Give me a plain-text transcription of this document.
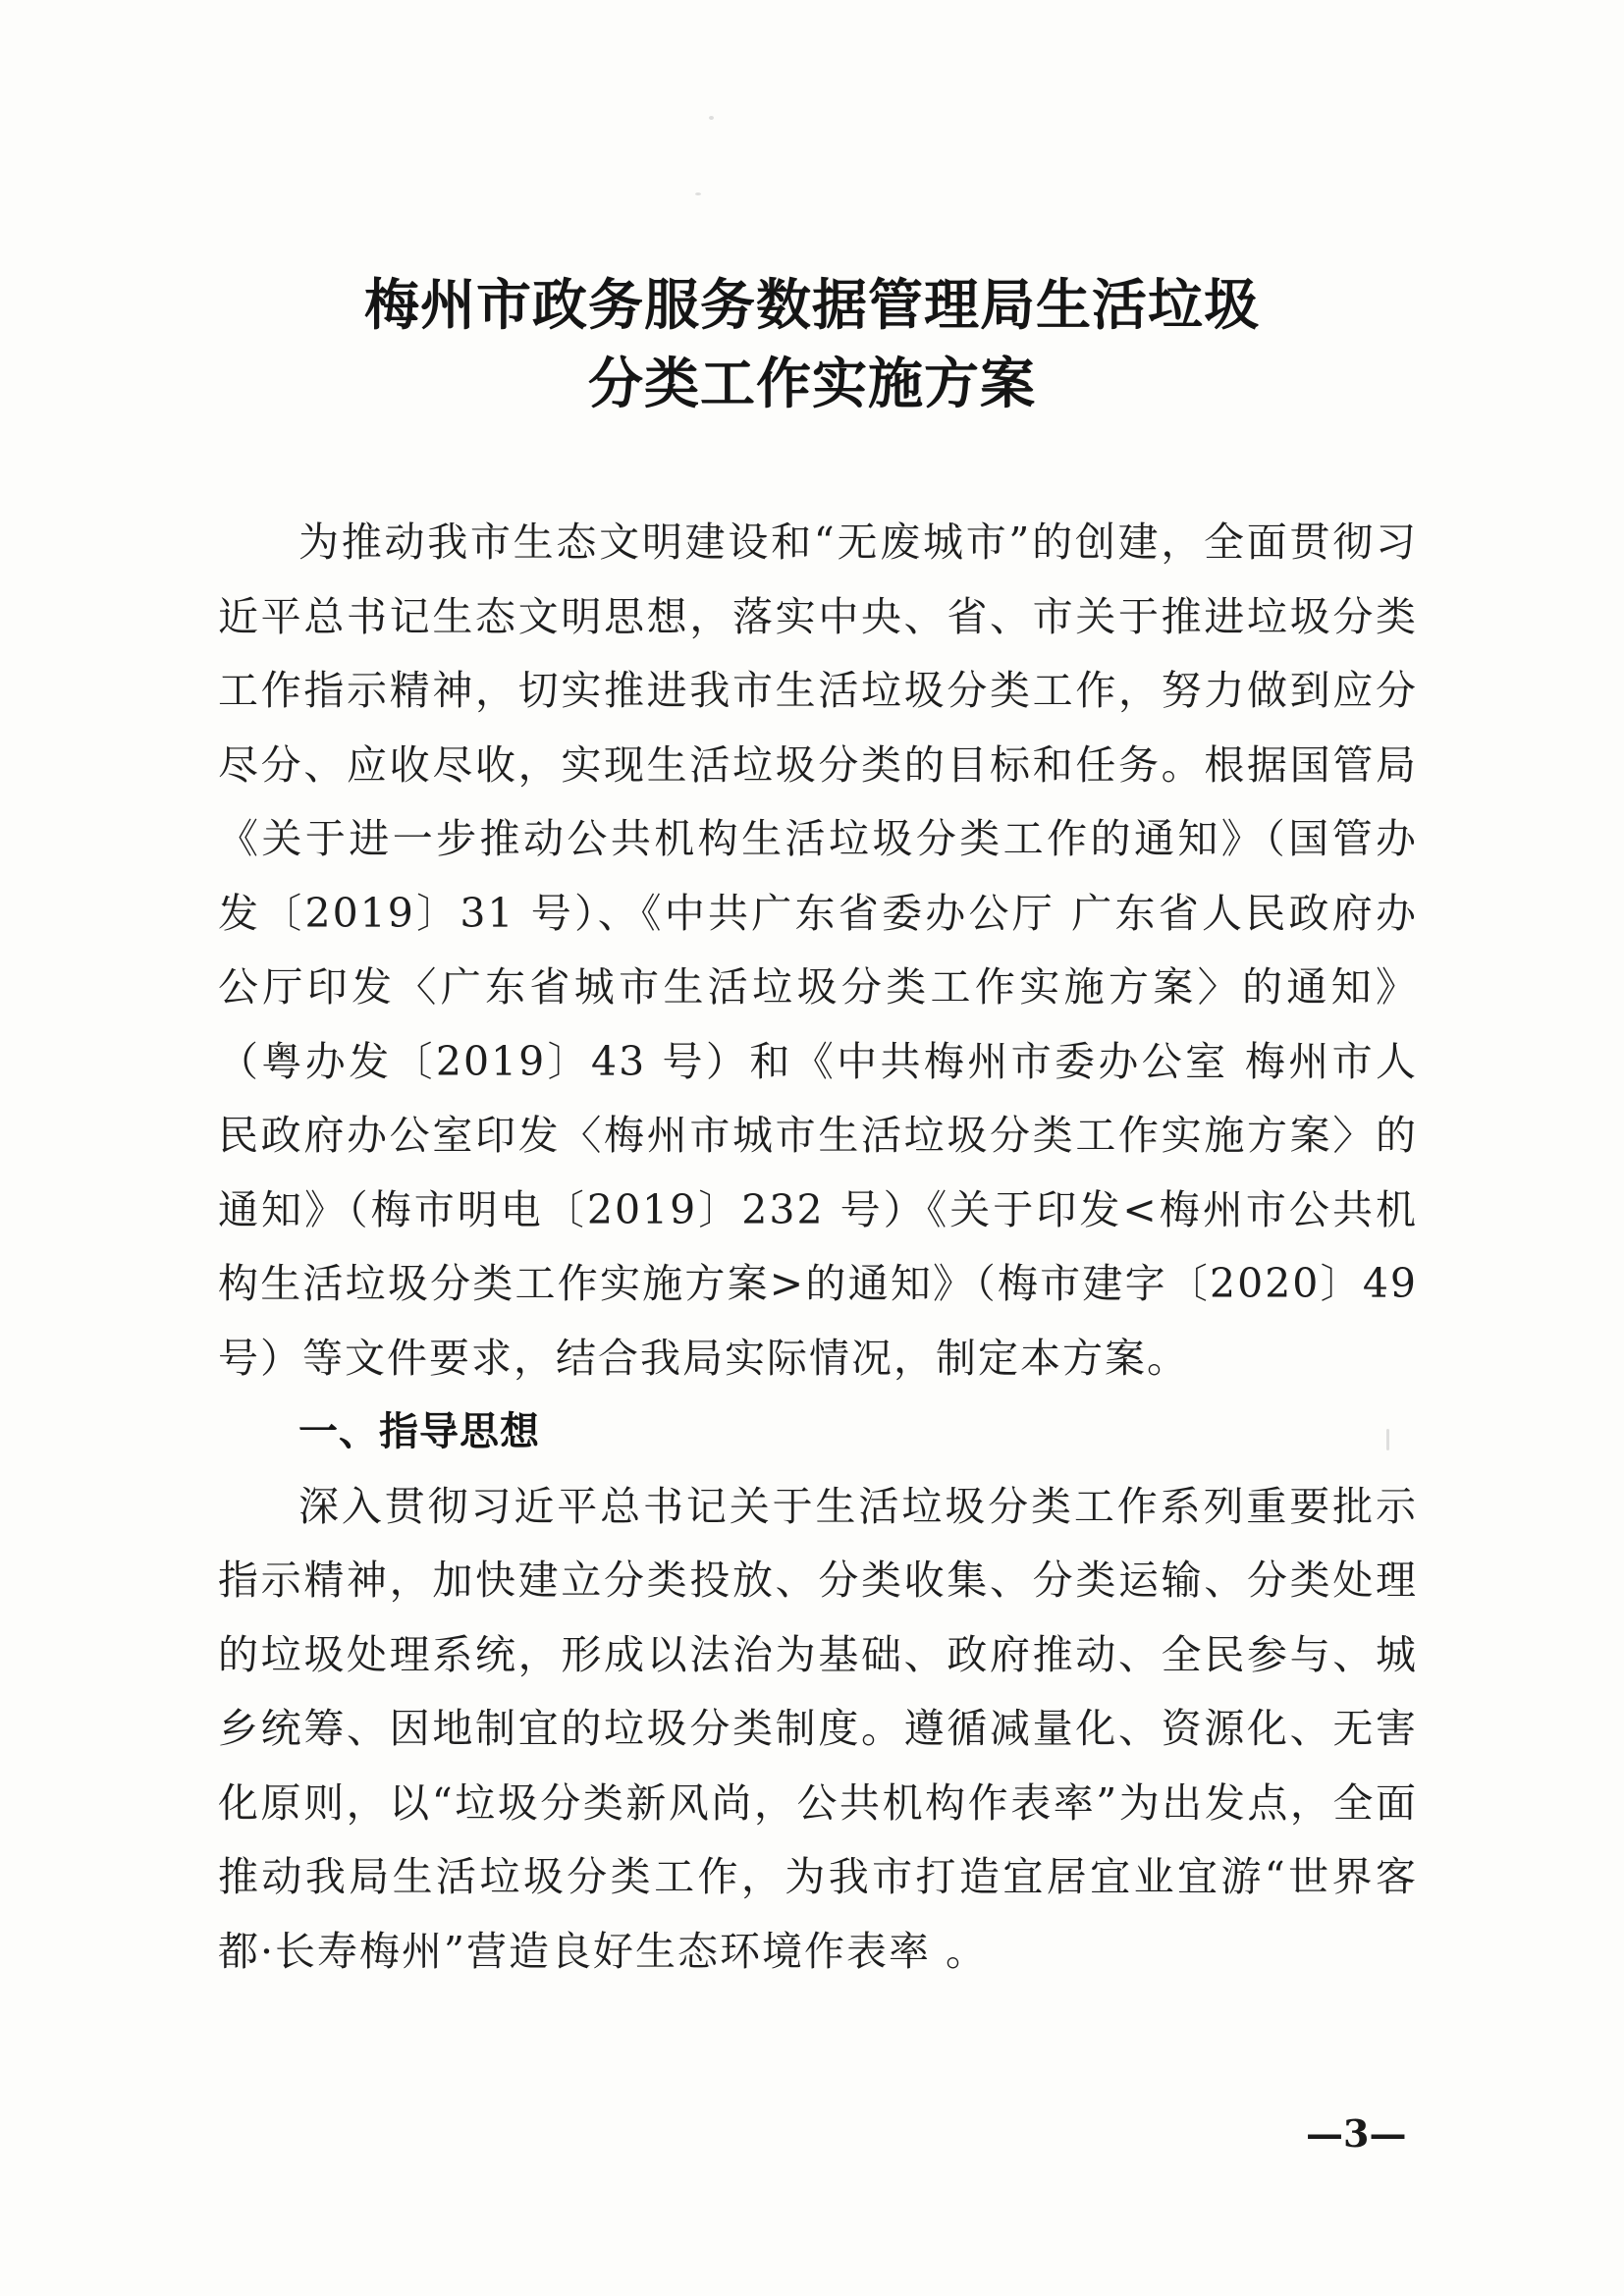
梅州市政务服务数据管理局生活垃圾
分类工作实施方案

为推动我市生态文明建设和“无废城市”的创建，全面贯彻习近平总书记生态文明思想，落实中央、省、市关于推进垃圾分类工作指示精神，切实推进我市生活垃圾分类工作，努力做到应分尽分、应收尽收，实现生活垃圾分类的目标和任务。根据国管局《关于进一步推动公共机构生活垃圾分类工作的通知》（国管办发〔2019〕31 号）、《中共广东省委办公厅 广东省人民政府办公厅印发〈广东省城市生活垃圾分类工作实施方案〉的通知》（粤办发〔2019〕43 号）和《中共梅州市委办公室 梅州市人民政府办公室印发〈梅州市城市生活垃圾分类工作实施方案〉的通知》（梅市明电〔2019〕232 号）《关于印发<梅州市公共机构生活垃圾分类工作实施方案>的通知》（梅市建字〔2020〕49 号）等文件要求，结合我局实际情况，制定本方案。

一、指导思想

深入贯彻习近平总书记关于生活垃圾分类工作系列重要批示指示精神，加快建立分类投放、分类收集、分类运输、分类处理的垃圾处理系统，形成以法治为基础、政府推动、全民参与、城乡统筹、因地制宜的垃圾分类制度。遵循减量化、资源化、无害化原则，以“垃圾分类新风尚，公共机构作表率”为出发点，全面推动我局生活垃圾分类工作，为我市打造宜居宜业宜游“世界客都·长寿梅州”营造良好生态环境作表率 。

—3—
